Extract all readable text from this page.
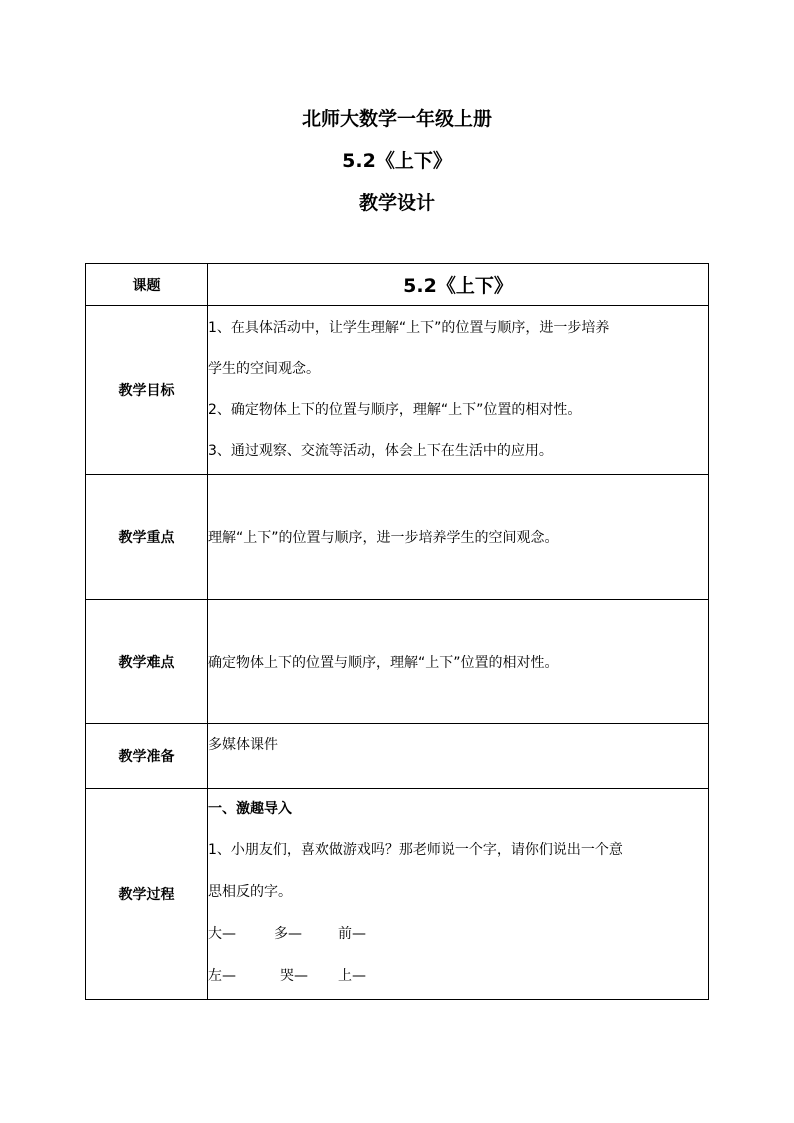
北师大数学一年级上册
5.2《上下》
教学设计
课题	5.2《上下》
教学目标	1、在具体活动中，让学生理解“上下”的位置与顺序，进一步培养

学生的空间观念。

2、确定物体上下的位置与顺序，理解“上下”位置的相对性。

3、通过观察、交流等活动，体会上下在生活中的应用。

教学重点	理解“上下”的位置与顺序，进一步培养学生的空间观念。
教学难点	确定物体上下的位置与顺序，理解“上下”位置的相对性。
教学准备	多媒体课件

教学过程	一、激趣导入

1、小朋友们，喜欢做游戏吗？那老师说一个字，请你们说出一个意

思相反的字。

大— 多— 前—

左— 哭— 上—
